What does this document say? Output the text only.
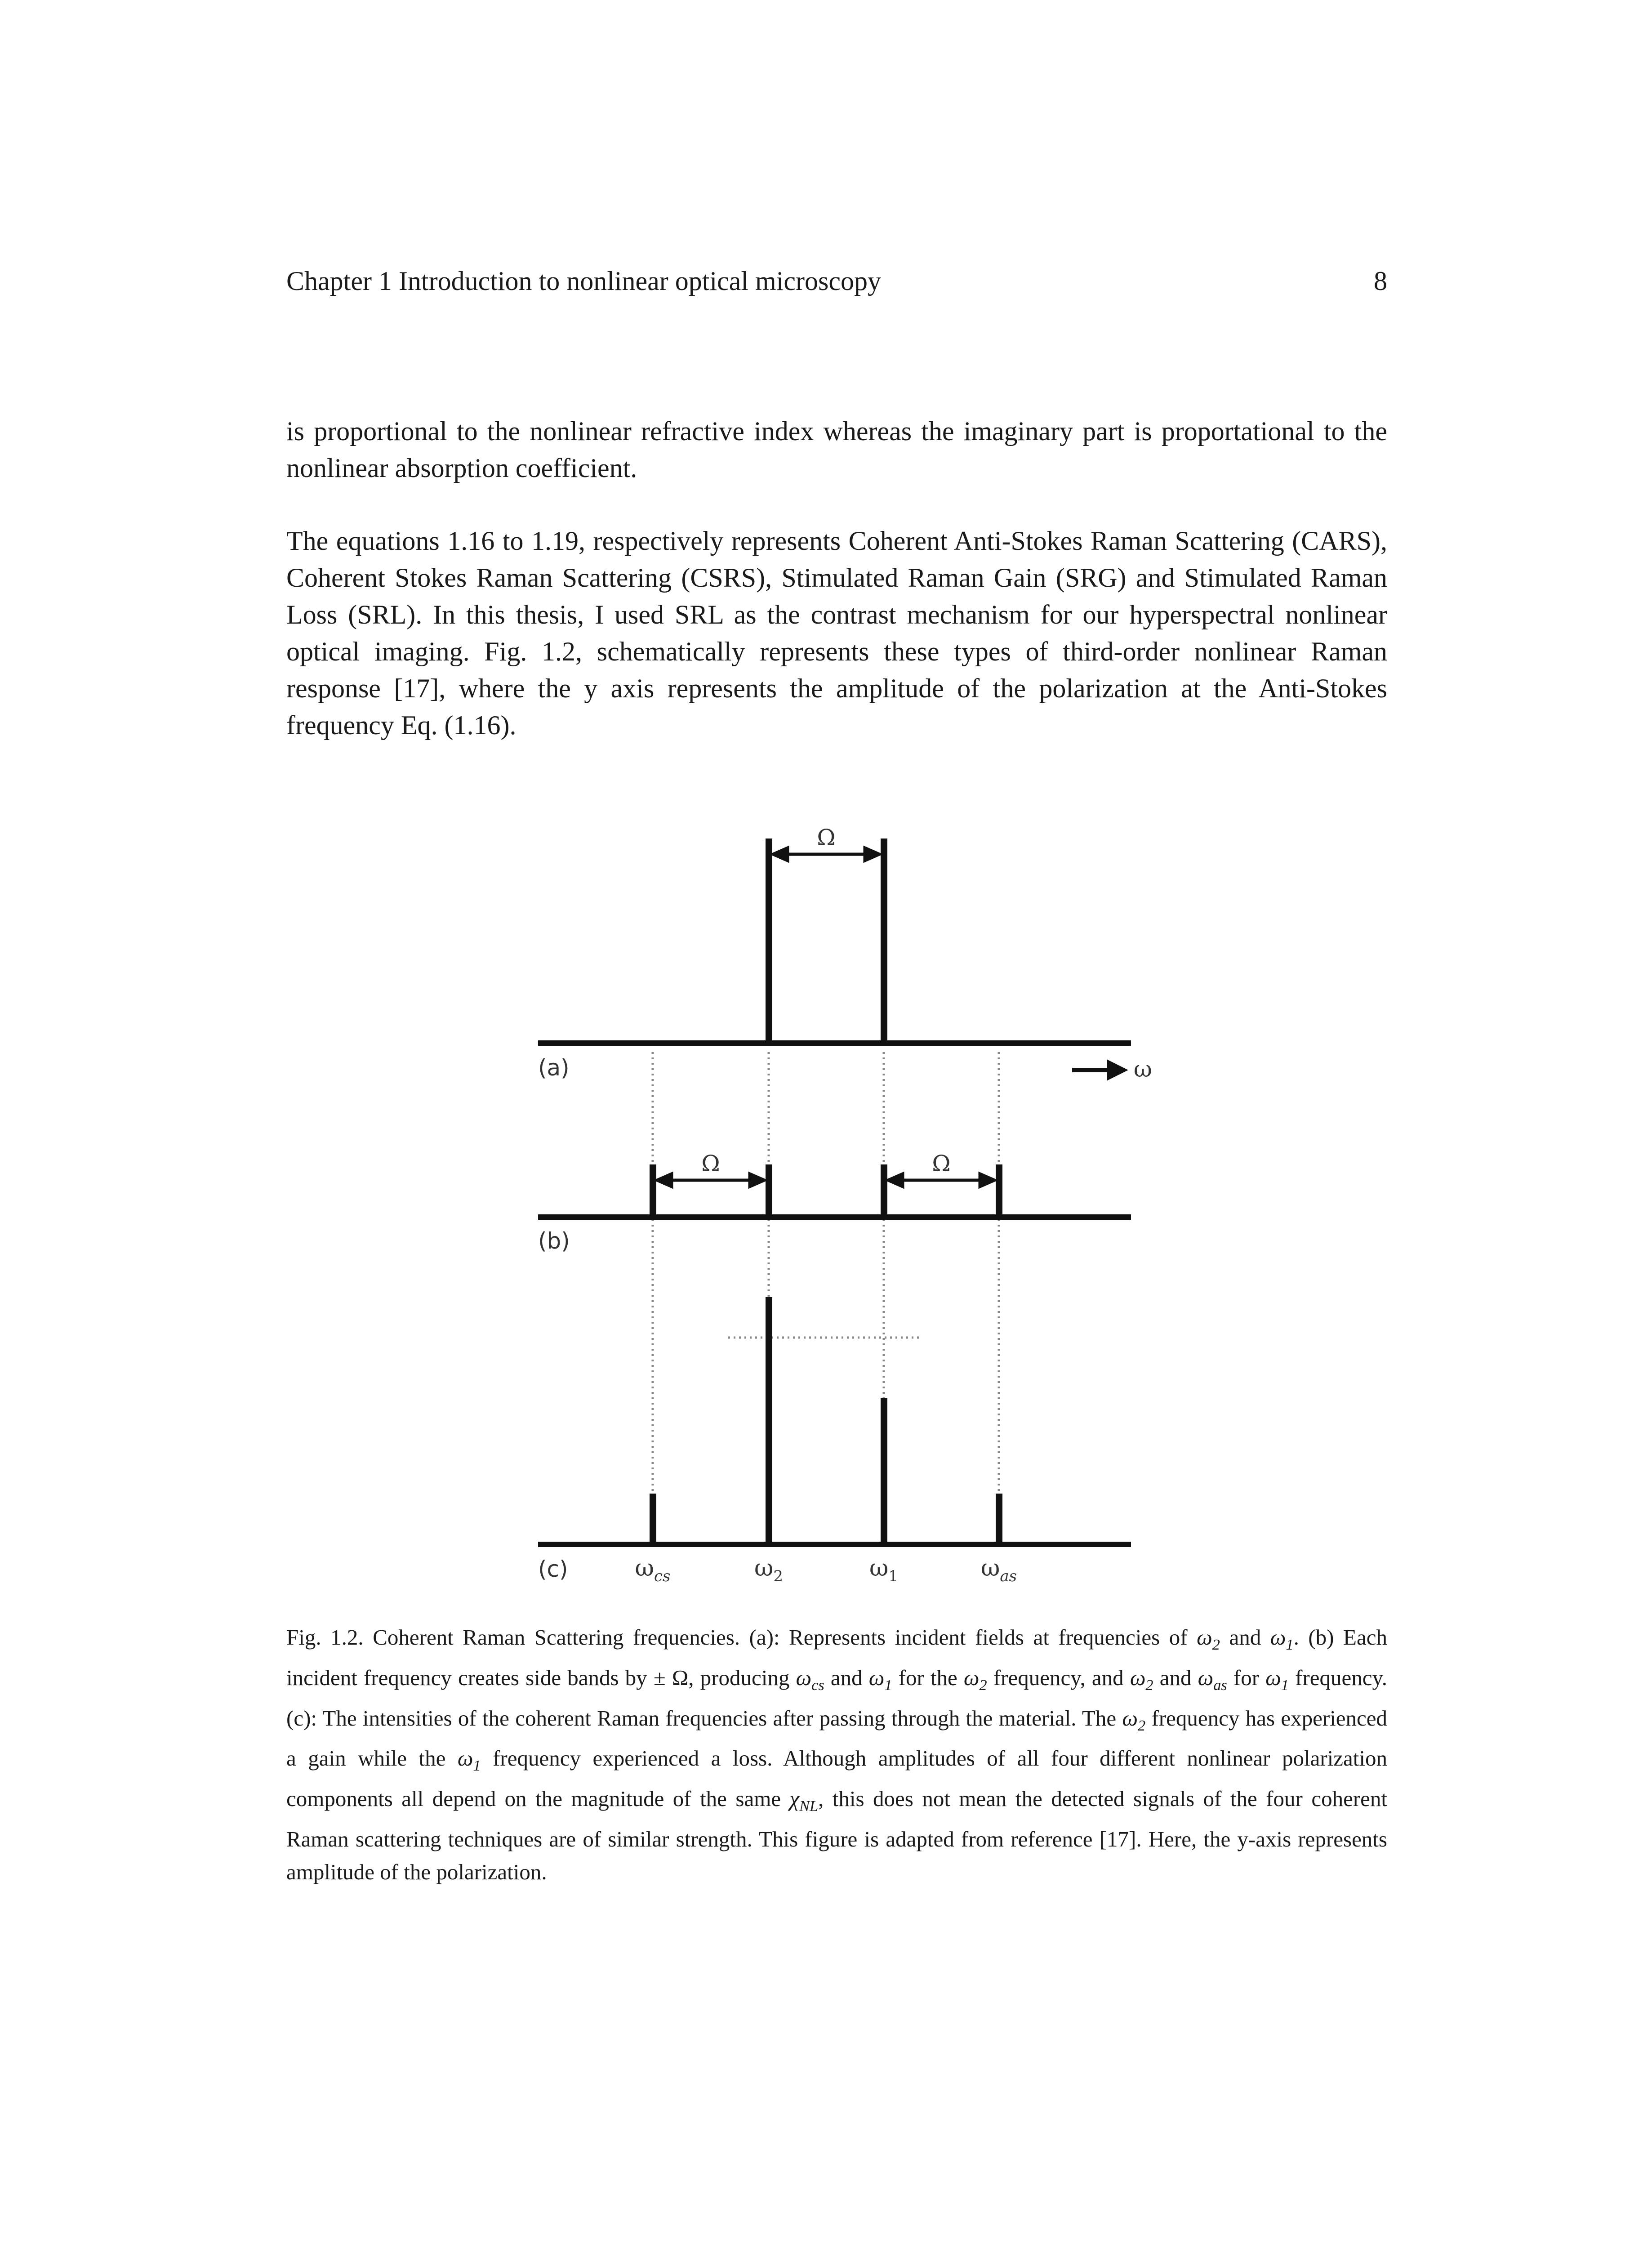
Chapter 1 Introduction to nonlinear optical microscopy	8

is proportional to the nonlinear refractive index whereas the imaginary part is proportational to the nonlinear absorption coefficient.

The equations 1.16 to 1.19, respectively represents Coherent Anti-Stokes Raman Scattering (CARS), Coherent Stokes Raman Scattering (CSRS), Stimulated Raman Gain (SRG) and Stimulated Raman Loss (SRL). In this thesis, I used SRL as the contrast mechanism for our hyperspectral nonlinear optical imaging. Fig. 1.2, schematically represents these types of third-order nonlinear Raman response [17], where the y axis represents the amplitude of the polarization at the Anti-Stokes frequency Eq. (1.16).

Ω
Ω	Ω
ω
(a)
(b)
(c)	$\omega_{cs}$	$\omega_2$	$\omega_1$	$\omega_{as}$

Fig. 1.2. Coherent Raman Scattering frequencies. (a): Represents incident fields at frequencies of $\omega_2$ and $\omega_1$. (b) Each incident frequency creates side bands by ± Ω, producing $\omega_{cs}$ and $\omega_1$ for the $\omega_2$ frequency, and $\omega_2$ and $\omega_{as}$ for $\omega_1$ frequency. (c): The intensities of the coherent Raman frequencies after passing through the material. The $\omega_2$ frequency has experienced a gain while the $\omega_1$ frequency experienced a loss. Although amplitudes of all four different nonlinear polarization components all depend on the magnitude of the same $\chi_{NL}$, this does not mean the detected signals of the four coherent Raman scattering techniques are of similar strength. This figure is adapted from reference [17]. Here, the y-axis represents amplitude of the polarization.
